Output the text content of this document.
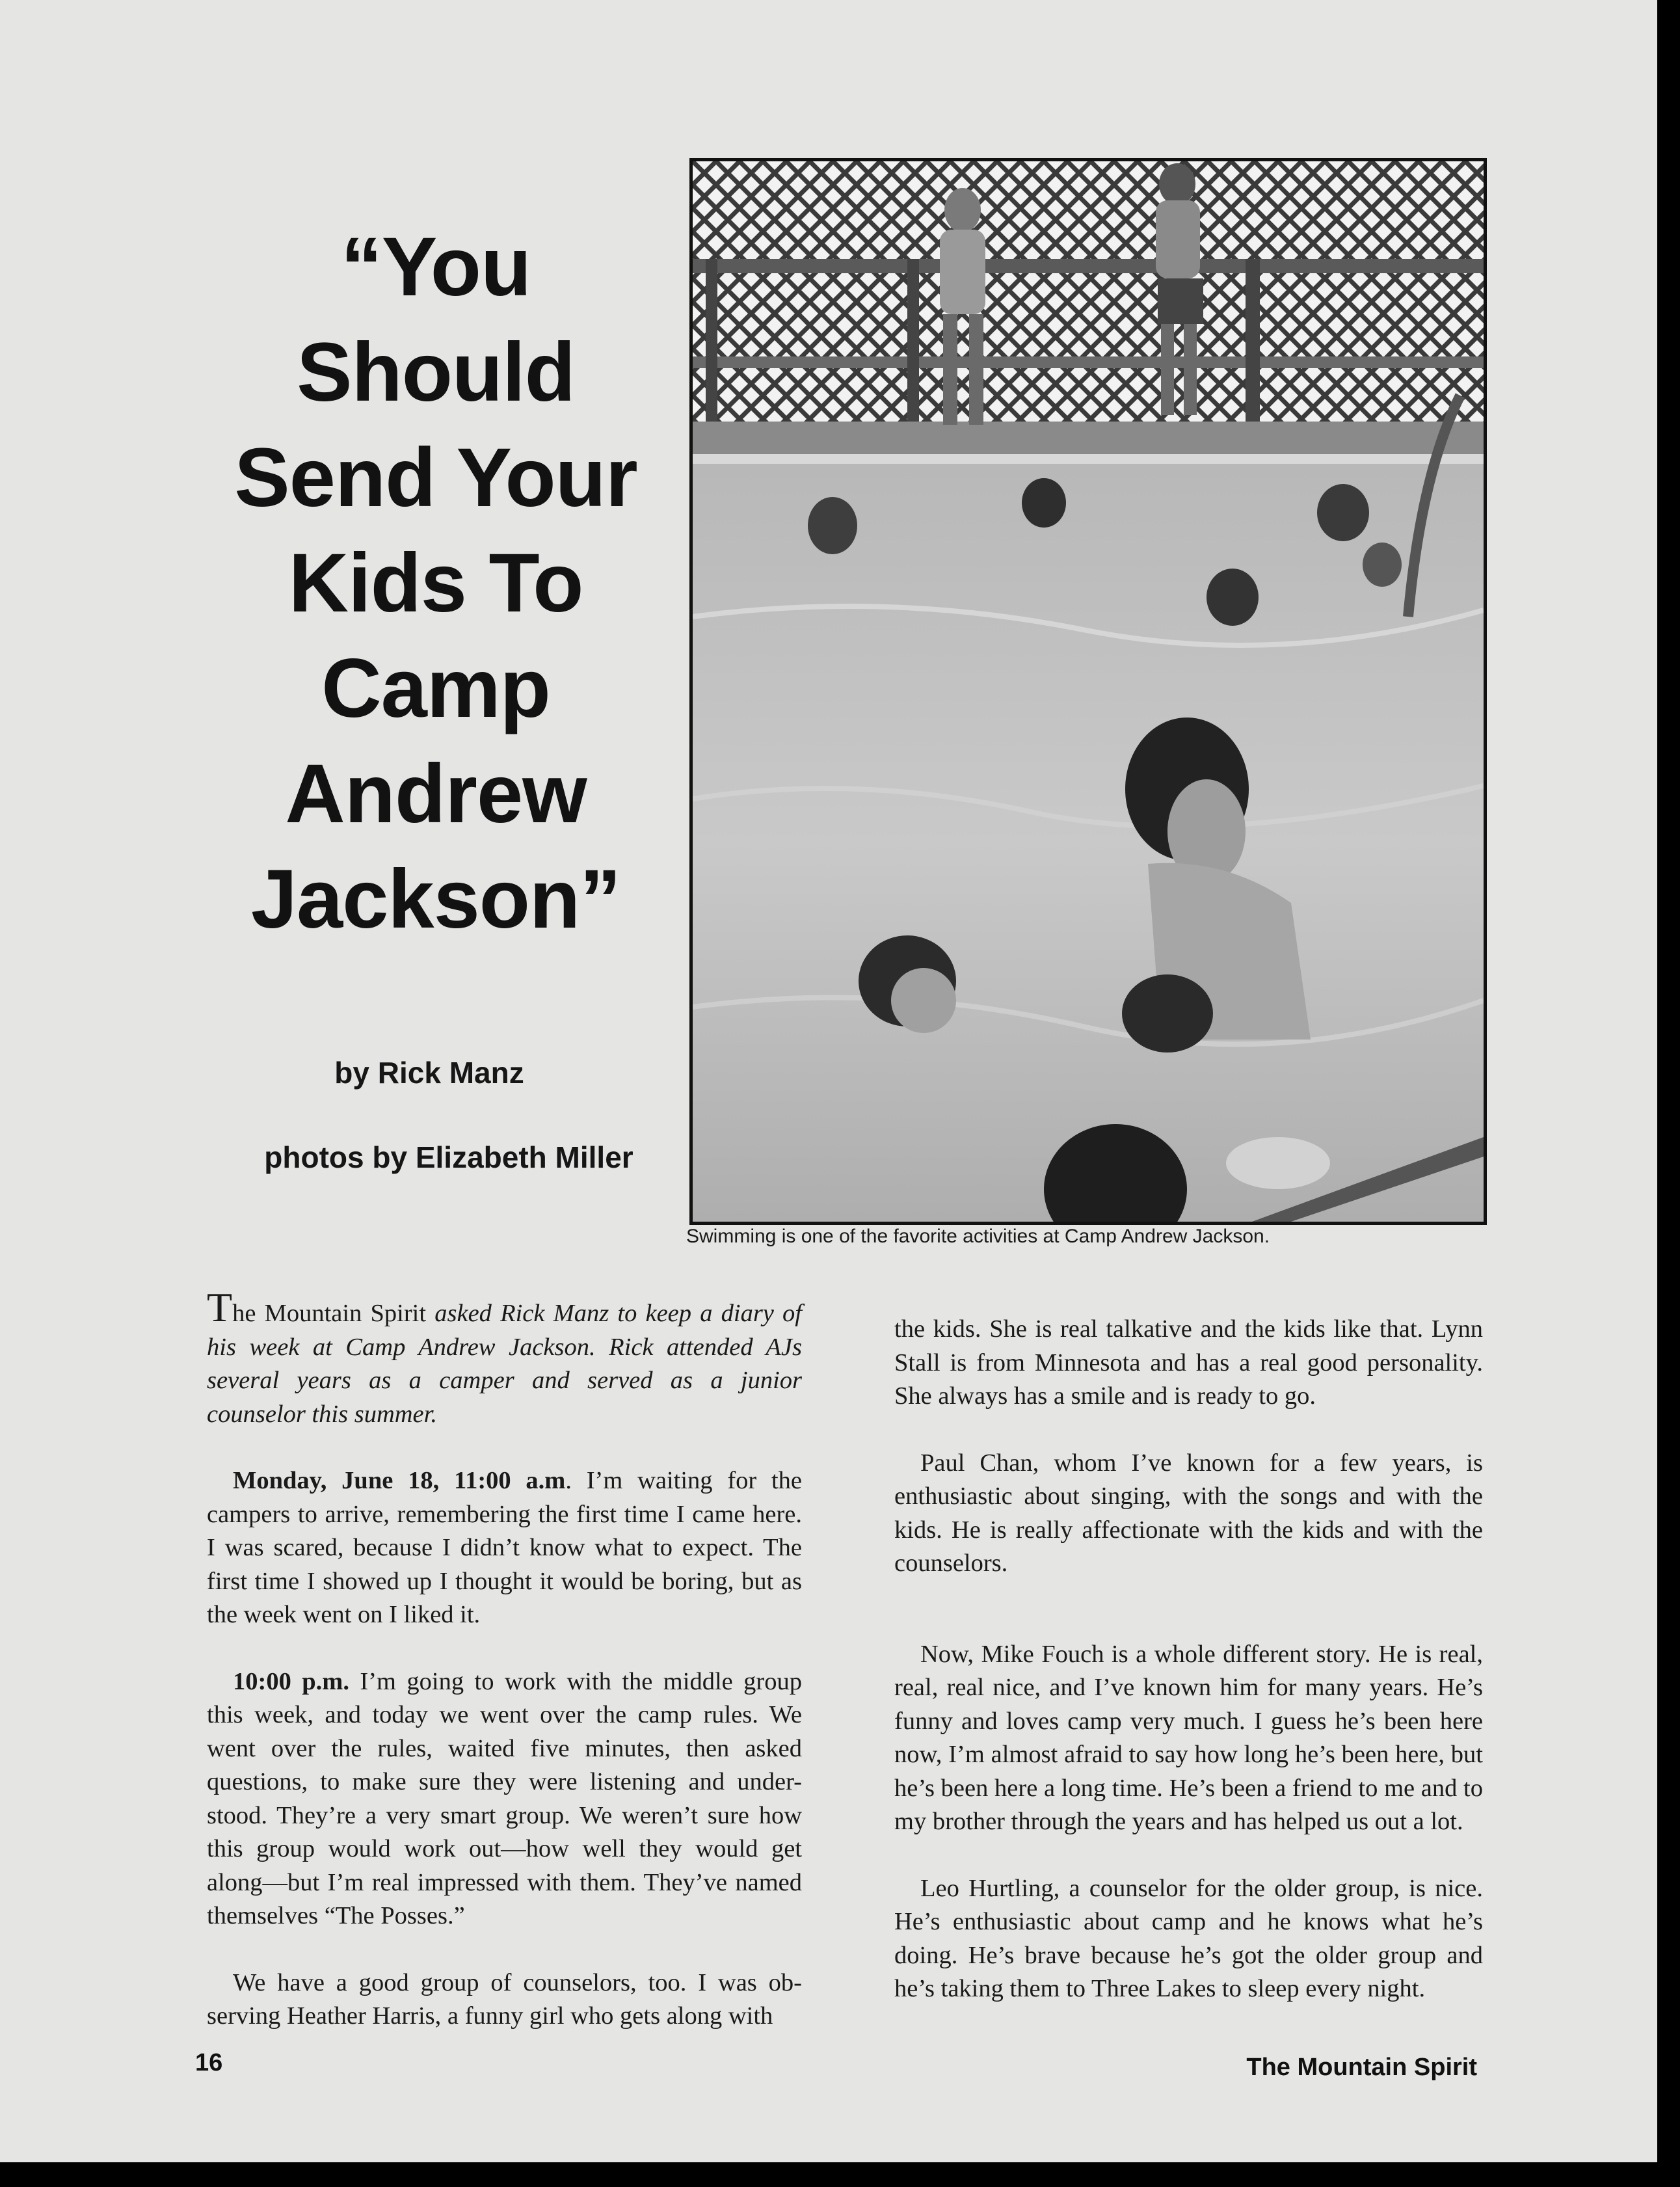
“You
Should
Send Your
Kids To
Camp
Andrew
Jackson”
by Rick Manz
photos by Elizabeth Miller
Swimming is one of the favorite activities at Camp Andrew Jackson.

The Mountain Spirit asked Rick Manz to keep a diary of his week at Camp Andrew Jackson. Rick attended AJs several years as a camper and served as a junior counselor this summer.

Monday, June 18, 11:00 a.m. I’m waiting for the campers to arrive, remembering the first time I came here. I was scared, because I didn’t know what to expect. The first time I showed up I thought it would be boring, but as the week went on I liked it.

10:00 p.m. I’m going to work with the middle group this week, and today we went over the camp rules. We went over the rules, waited five minutes, then asked questions, to make sure they were listening and under-stood. They’re a very smart group. We weren’t sure how this group would work out—how well they would get along—but I’m real impressed with them. They’ve named themselves “The Posses.”

We have a good group of counselors, too. I was ob-serving Heather Harris, a funny girl who gets along with

the kids. She is real talkative and the kids like that. Lynn Stall is from Minnesota and has a real good personality. She always has a smile and is ready to go.

Paul Chan, whom I’ve known for a few years, is enthusiastic about singing, with the songs and with the kids. He is really affectionate with the kids and with the counselors.

Now, Mike Fouch is a whole different story. He is real, real, real nice, and I’ve known him for many years. He’s funny and loves camp very much. I guess he’s been here now, I’m almost afraid to say how long he’s been here, but he’s been here a long time. He’s been a friend to me and to my brother through the years and has helped us out a lot.

Leo Hurtling, a counselor for the older group, is nice. He’s enthusiastic about camp and he knows what he’s doing. He’s brave because he’s got the older group and he’s taking them to Three Lakes to sleep every night.

16	The Mountain Spirit
